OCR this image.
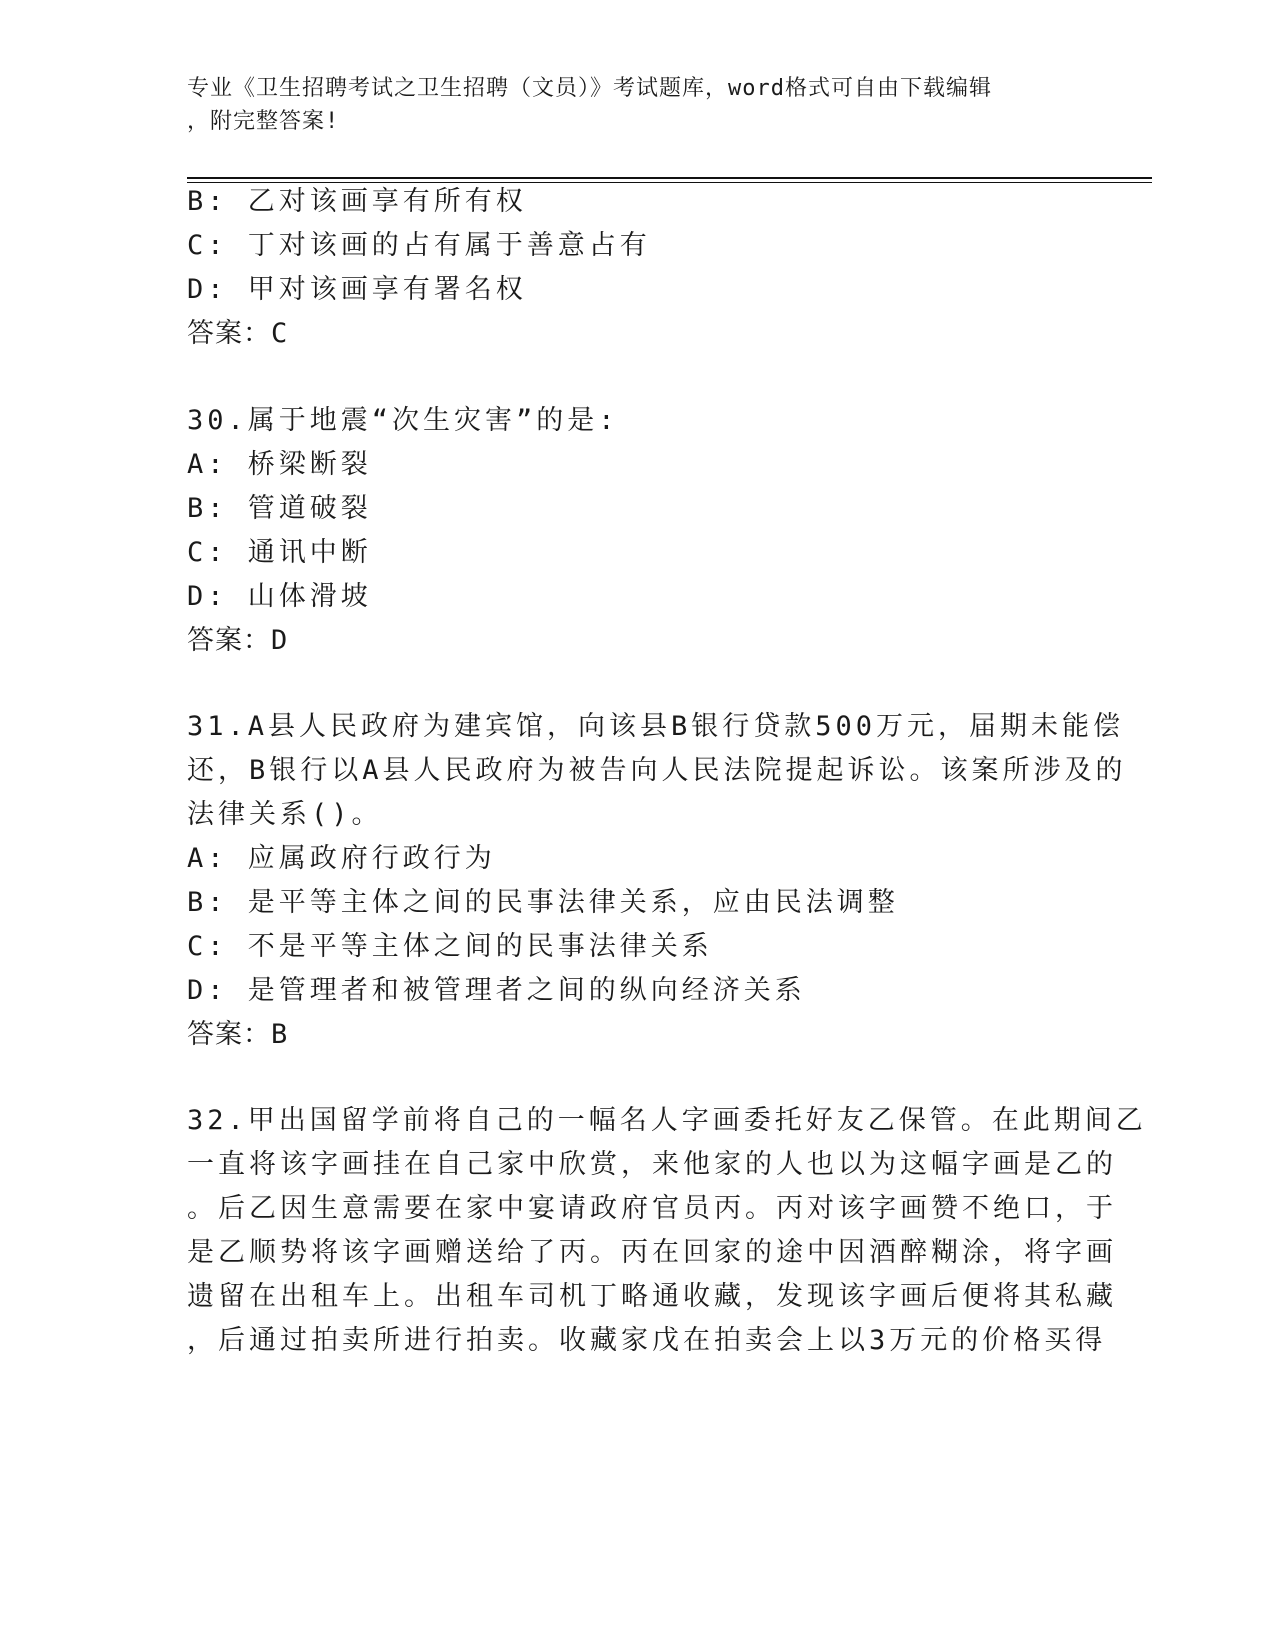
专业《卫生招聘考试之卫生招聘（文员）》考试题库，word格式可自由下载编辑
，附完整答案!
B: 乙对该画享有所有权
C: 丁对该画的占有属于善意占有
D: 甲对该画享有署名权
答案：C
30.属于地震“次生灾害”的是:
A: 桥梁断裂
B: 管道破裂
C: 通讯中断
D: 山体滑坡
答案：D
31.A县人民政府为建宾馆，向该县B银行贷款500万元，届期未能偿
还，B银行以A县人民政府为被告向人民法院提起诉讼。该案所涉及的
法律关系()。
A: 应属政府行政行为
B: 是平等主体之间的民事法律关系，应由民法调整
C: 不是平等主体之间的民事法律关系
D: 是管理者和被管理者之间的纵向经济关系
答案：B
32.甲出国留学前将自己的一幅名人字画委托好友乙保管。在此期间乙
一直将该字画挂在自己家中欣赏，来他家的人也以为这幅字画是乙的
。后乙因生意需要在家中宴请政府官员丙。丙对该字画赞不绝口，于
是乙顺势将该字画赠送给了丙。丙在回家的途中因酒醉糊涂，将字画
遗留在出租车上。出租车司机丁略通收藏，发现该字画后便将其私藏
，后通过拍卖所进行拍卖。收藏家戊在拍卖会上以3万元的价格买得
